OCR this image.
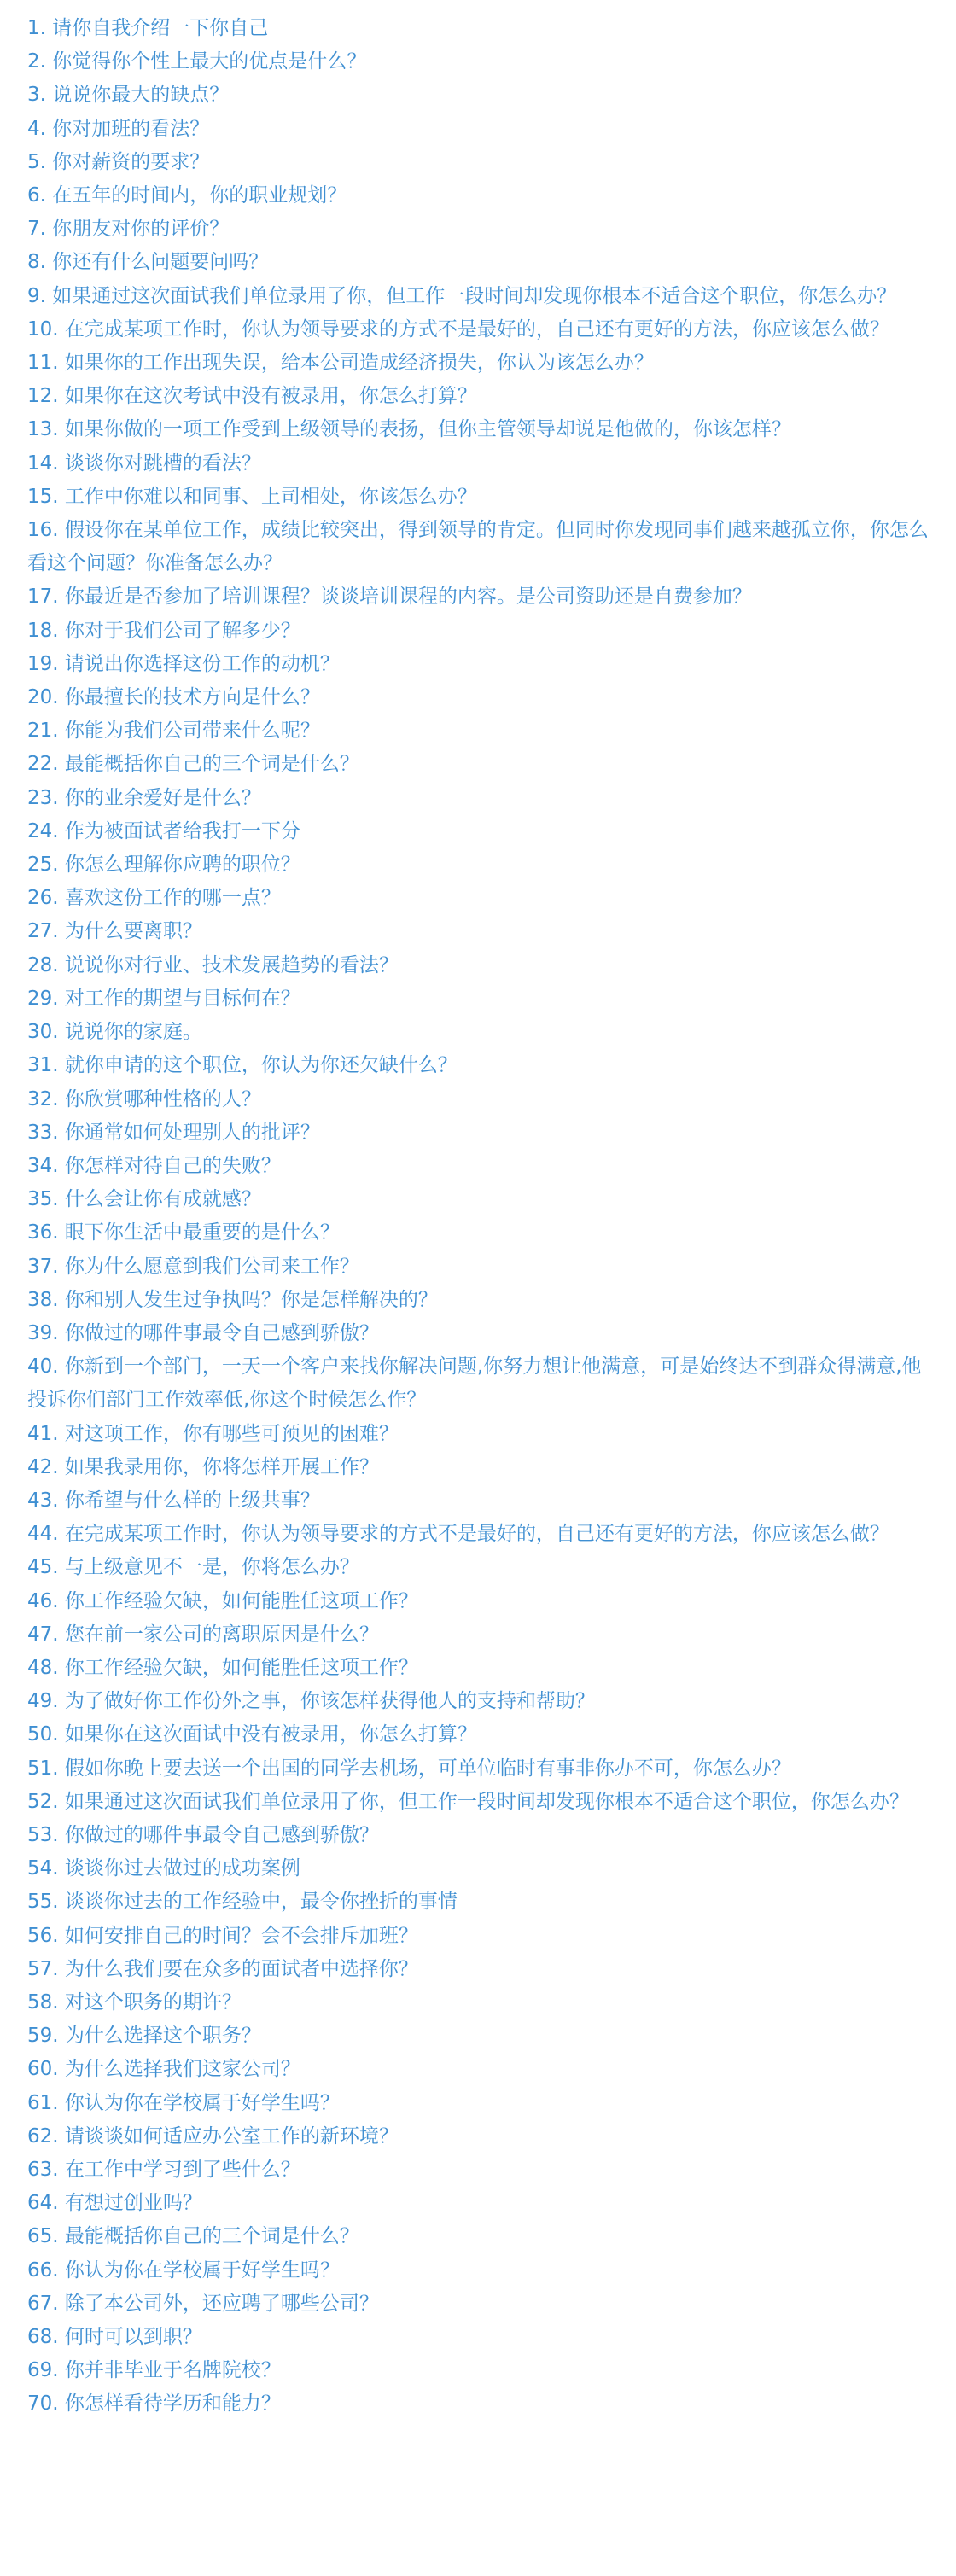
1. 请你自我介绍一下你自己
2. 你觉得你个性上最大的优点是什么？
3. 说说你最大的缺点？
4. 你对加班的看法？
5. 你对薪资的要求？
6. 在五年的时间内，你的职业规划？
7. 你朋友对你的评价？
8. 你还有什么问题要问吗？
9. 如果通过这次面试我们单位录用了你，但工作一段时间却发现你根本不适合这个职位，你怎么办？
10. 在完成某项工作时，你认为领导要求的方式不是最好的，自己还有更好的方法，你应该怎么做？
11. 如果你的工作出现失误，给本公司造成经济损失，你认为该怎么办？
12. 如果你在这次考试中没有被录用，你怎么打算？
13. 如果你做的一项工作受到上级领导的表扬，但你主管领导却说是他做的，你该怎样？
14. 谈谈你对跳槽的看法？
15. 工作中你难以和同事、上司相处，你该怎么办？
16. 假设你在某单位工作，成绩比较突出，得到领导的肯定。但同时你发现同事们越来越孤立你，你怎么看这个问题？你准备怎么办？
17. 你最近是否参加了培训课程？谈谈培训课程的内容。是公司资助还是自费参加？
18. 你对于我们公司了解多少？
19. 请说出你选择这份工作的动机？
20. 你最擅长的技术方向是什么？
21. 你能为我们公司带来什么呢？
22. 最能概括你自己的三个词是什么？
23. 你的业余爱好是什么？
24. 作为被面试者给我打一下分
25. 你怎么理解你应聘的职位？
26. 喜欢这份工作的哪一点？
27. 为什么要离职？
28. 说说你对行业、技术发展趋势的看法？
29. 对工作的期望与目标何在？
30. 说说你的家庭。
31. 就你申请的这个职位，你认为你还欠缺什么？
32. 你欣赏哪种性格的人？
33. 你通常如何处理别人的批评？
34. 你怎样对待自己的失败？
35. 什么会让你有成就感？
36. 眼下你生活中最重要的是什么？
37. 你为什么愿意到我们公司来工作？
38. 你和别人发生过争执吗？你是怎样解决的？
39. 你做过的哪件事最令自己感到骄傲？
40. 你新到一个部门，一天一个客户来找你解决问题,你努力想让他满意，可是始终达不到群众得满意,他投诉你们部门工作效率低,你这个时候怎么作？
41. 对这项工作，你有哪些可预见的困难？
42. 如果我录用你，你将怎样开展工作？
43. 你希望与什么样的上级共事？
44. 在完成某项工作时，你认为领导要求的方式不是最好的，自己还有更好的方法，你应该怎么做？
45. 与上级意见不一是，你将怎么办？
46. 你工作经验欠缺，如何能胜任这项工作？
47. 您在前一家公司的离职原因是什么？
48. 你工作经验欠缺，如何能胜任这项工作？
49. 为了做好你工作份外之事，你该怎样获得他人的支持和帮助？
50. 如果你在这次面试中没有被录用，你怎么打算？
51. 假如你晚上要去送一个出国的同学去机场，可单位临时有事非你办不可，你怎么办？
52. 如果通过这次面试我们单位录用了你，但工作一段时间却发现你根本不适合这个职位，你怎么办？
53. 你做过的哪件事最令自己感到骄傲？
54. 谈谈你过去做过的成功案例
55. 谈谈你过去的工作经验中，最令你挫折的事情
56. 如何安排自己的时间？会不会排斥加班？
57. 为什么我们要在众多的面试者中选择你？
58. 对这个职务的期许？
59. 为什么选择这个职务？
60. 为什么选择我们这家公司？
61. 你认为你在学校属于好学生吗？
62. 请谈谈如何适应办公室工作的新环境？
63. 在工作中学习到了些什么？
64. 有想过创业吗？
65. 最能概括你自己的三个词是什么？
66. 你认为你在学校属于好学生吗？
67. 除了本公司外，还应聘了哪些公司？
68. 何时可以到职？
69. 你并非毕业于名牌院校？
70. 你怎样看待学历和能力？
